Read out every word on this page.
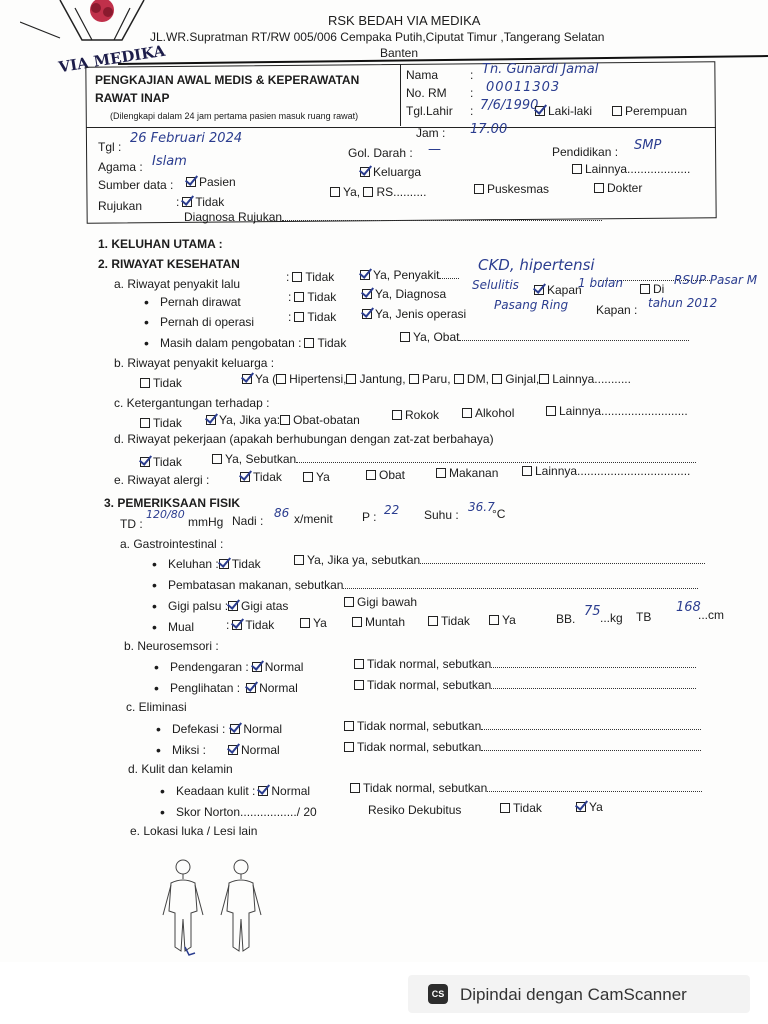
VIA MEDIKA
RSK BEDAH VIA MEDIKA
JL.WR.Supratman RT/RW 005/006 Cempaka Putih,Ciputat Timur ,Tangerang Selatan
Banten
PENGKAJIAN AWAL MEDIS & KEPERAWATAN
RAWAT INAP
(Dilengkapi dalam 24 jam pertama pasien masuk ruang rawat)
Nama	: Tn. Gunardi Jamal
No. RM : 00011303
Tgl.Lahir : 7/6/1990 Laki-laki	Perempuan
Tgl :
26 Februari 2024	Jam : 17.00
Agama : Islam
Gol. Darah : —	Pendidikan : SMP
Sumber data :	Pasien
Keluarga	Lainnya...................
Rujukan	: Tidak
Ya, RS..........	Puskesmas	Dokter
Diagnosa Rujukan
1. KELUHAN UTAMA :
2. RIWAYAT KESEHATAN
a. Riwayat penyakit lalu	: Tidak	Ya, Penyakit
CKD, hipertensi
• Pernah dirawat	: Tidak	Ya, Diagnosa
Selulitis	Kapan
1 bulan	Di
RSUP Pasar M
• Pernah di operasi	: Tidak	Ya, Jenis operasi
Pasang Ring Kapan : tahun 2012
• Masih dalam pengobatan : Tidak	Ya, Obat
b. Riwayat penyakit keluarga :
Tidak	Ya ( Hipertensi, Jantung, Paru, DM, Ginjal, Lainnya...........
c. Ketergantungan terhadap :
Tidak	Ya, Jika ya: Obat-obatan	Rokok	Alkohol	Lainnya..........................
d. Riwayat pekerjaan (apakah berhubungan dengan zat-zat berbahaya)
Tidak	Ya, Sebutkan
e. Riwayat alergi :	Tidak	Ya	Obat	Makanan	Lainnya..................................
3. PEMERIKSAAN FISIK
TD :
120/80
mmHg Nadi :
86 x/menit P : 22 Suhu :
36.7
°C
a. Gastrointestinal :
• Keluhan : Tidak	Ya, Jika ya, sebutkan
• Pembatasan makanan, sebutkan
• Gigi palsu : Gigi atas	Gigi bawah
• Mual	: Tidak	Ya	Muntah	Tidak	Ya	BB. 75 ...kg TB
168
...cm
b. Neurosemsori :
• Pendengaran : Normal	Tidak normal, sebutkan
• Penglihatan : Normal	Tidak normal, sebutkan
c. Eliminasi
• Defekasi : Normal	Tidak normal, sebutkan
• Miksi :	Normal	Tidak normal, sebutkan
d. Kulit dan kelamin
• Keadaan kulit : Normal	Tidak normal, sebutkan
• Skor Norton................./ 20	Resiko Dekubitus	Tidak	Ya
e. Lokasi luka / Lesi lain
CS Dipindai dengan CamScanner
